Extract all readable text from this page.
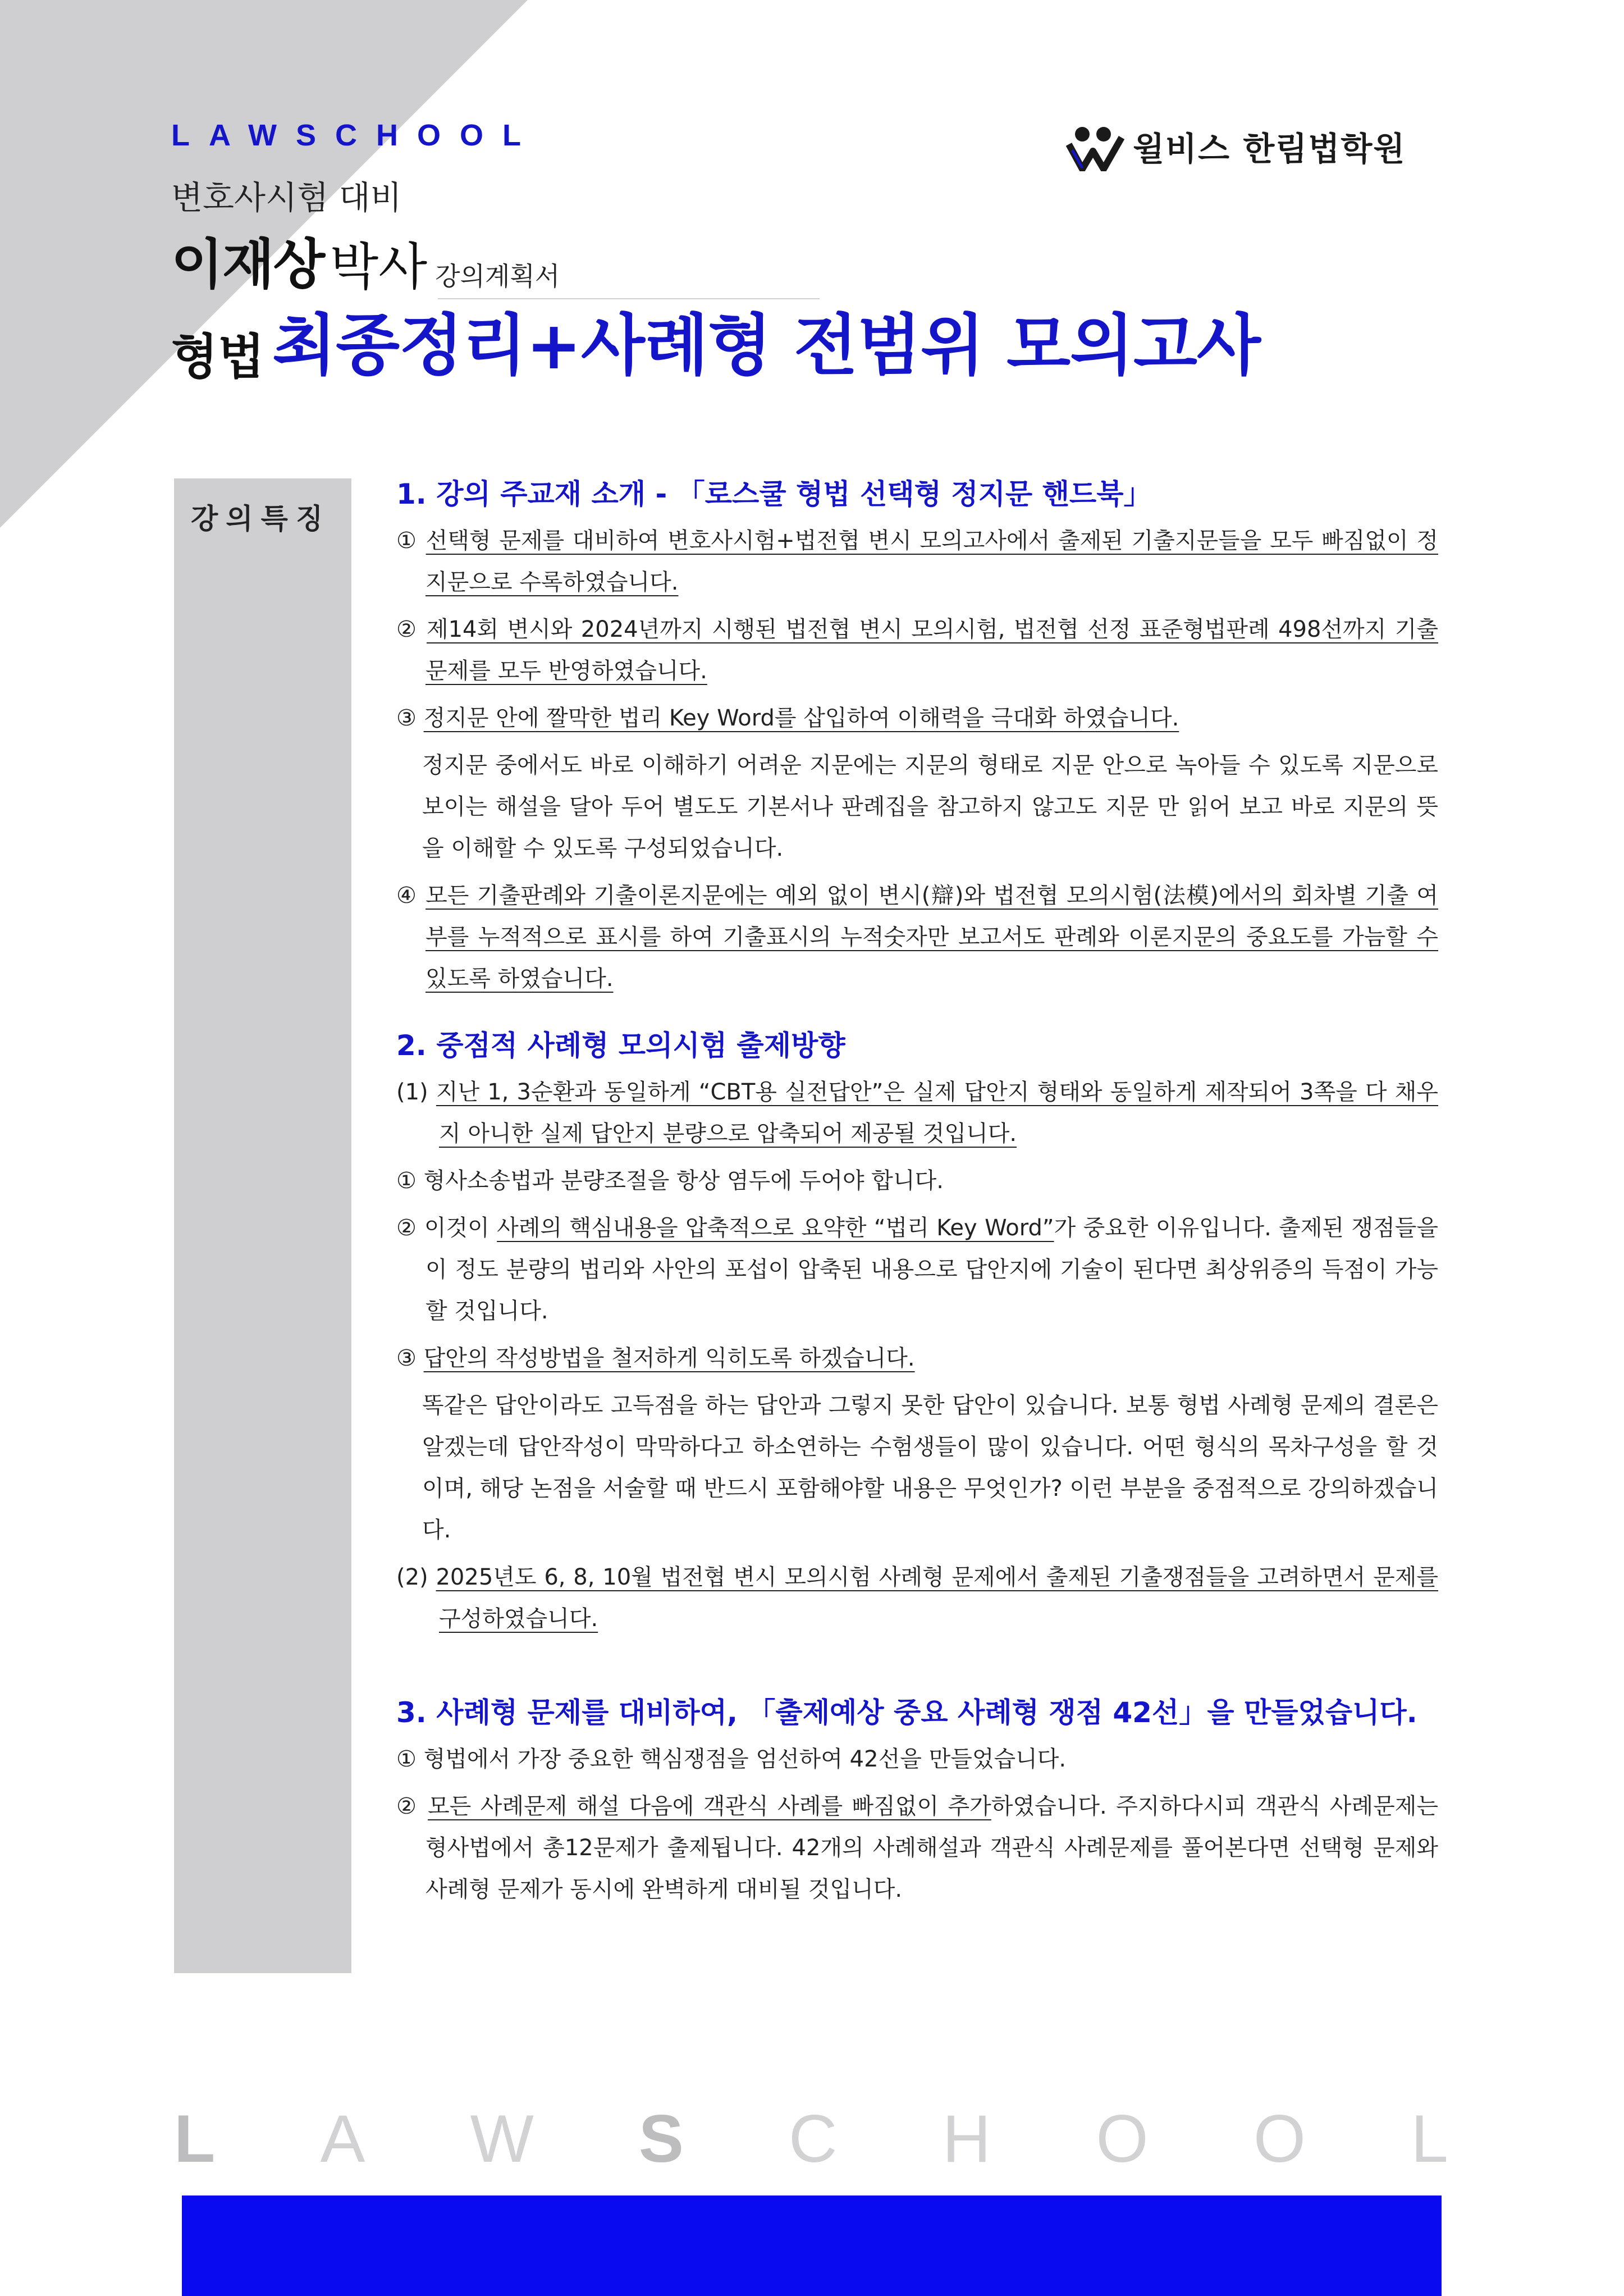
LAWSCHOOL	윌비스 한림법학원
변호사시험 대비
이재상 박사 강의계획서
형법 최종정리+사례형 전범위 모의고사
강의특징
1. 강의 주교재 소개 - 「로스쿨 형법 선택형 정지문 핸드북」
① 선택형 문제를 대비하여 변호사시험+법전협 변시 모의고사에서 출제된 기출지문들을 모두 빠짐없이 정지문으로 수록하였습니다.
② 제14회 변시와 2024년까지 시행된 법전협 변시 모의시험, 법전협 선정 표준형법판례 498선까지 기출문제를 모두 반영하였습니다.
③ 정지문 안에 짤막한 법리 Key Word를 삽입하여 이해력을 극대화 하였습니다.
정지문 중에서도 바로 이해하기 어려운 지문에는 지문의 형태로 지문 안으로 녹아들 수 있도록 지문으로 보이는 해설을 달아 두어 별도도 기본서나 판례집을 참고하지 않고도 지문 만 읽어 보고 바로 지문의 뜻을 이해할 수 있도록 구성되었습니다.
④ 모든 기출판례와 기출이론지문에는 예외 없이 변시(辯)와 법전협 모의시험(法模)에서의 회차별 기출 여부를 누적적으로 표시를 하여 기출표시의 누적숫자만 보고서도 판례와 이론지문의 중요도를 가늠할 수 있도록 하였습니다.
2. 중점적 사례형 모의시험 출제방향
(1) 지난 1, 3순환과 동일하게 “CBT용 실전답안”은 실제 답안지 형태와 동일하게 제작되어 3쪽을 다 채우지 아니한 실제 답안지 분량으로 압축되어 제공될 것입니다.
① 형사소송법과 분량조절을 항상 염두에 두어야 합니다.
② 이것이 사례의 핵심내용을 압축적으로 요약한 “법리 Key Word”가 중요한 이유입니다. 출제된 쟁점들을 이 정도 분량의 법리와 사안의 포섭이 압축된 내용으로 답안지에 기술이 된다면 최상위증의 득점이 가능할 것입니다.
③ 답안의 작성방법을 철저하게 익히도록 하겠습니다.
똑같은 답안이라도 고득점을 하는 답안과 그렇지 못한 답안이 있습니다. 보통 형법 사례형 문제의 결론은 알겠는데 답안작성이 막막하다고 하소연하는 수험생들이 많이 있습니다. 어떤 형식의 목차구성을 할 것이며, 해당 논점을 서술할 때 반드시 포함해야할 내용은 무엇인가? 이런 부분을 중점적으로 강의하겠습니다.
(2) 2025년도 6, 8, 10월 법전협 변시 모의시험 사례형 문제에서 출제된 기출쟁점들을 고려하면서 문제를 구성하였습니다.
3. 사례형 문제를 대비하여, 「출제예상 중요 사례형 쟁점 42선」을 만들었습니다.
① 형법에서 가장 중요한 핵심쟁점을 엄선하여 42선을 만들었습니다.
② 모든 사례문제 해설 다음에 객관식 사례를 빠짐없이 추가하였습니다. 주지하다시피 객관식 사례문제는 형사법에서 총12문제가 출제됩니다. 42개의 사례해설과 객관식 사례문제를 풀어본다면 선택형 문제와 사례형 문제가 동시에 완벽하게 대비될 것입니다.
L A W S C H O O L
